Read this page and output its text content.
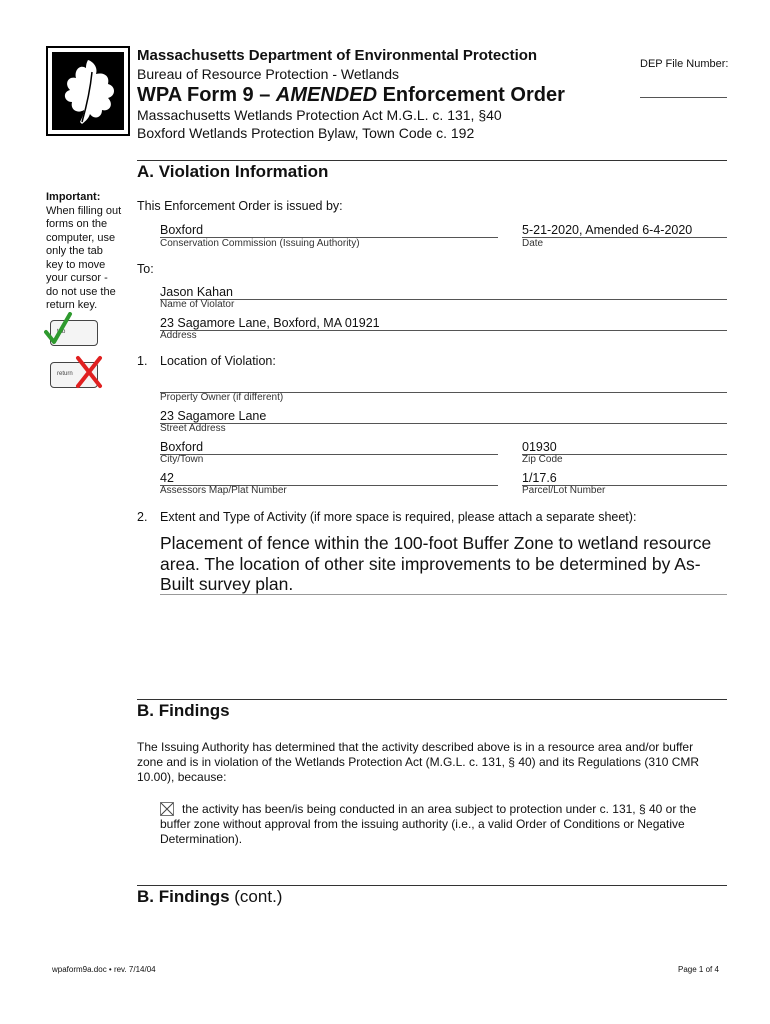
Massachusetts Department of Environmental Protection
Bureau of Resource Protection - Wetlands
WPA Form 9 – AMENDED Enforcement Order
Massachusetts Wetlands Protection Act M.G.L. c. 131, §40
Boxford Wetlands Protection Bylaw, Town Code c. 192
DEP File Number:
A. Violation Information
Important:
When filling out
forms on the
computer, use
only the tab
key to move
your cursor -
do not use the
return key.
tab
return
This Enforcement Order is issued by:
Boxford
Conservation Commission (Issuing Authority)
5-21-2020, Amended 6-4-2020
Date
To:
Jason Kahan
Name of Violator
23 Sagamore Lane, Boxford, MA 01921
Address
1. Location of Violation:
Property Owner (if different)
23 Sagamore Lane
Street Address
Boxford
City/Town
01930
Zip Code
42
Assessors Map/Plat Number
1/17.6
Parcel/Lot Number
2. Extent and Type of Activity (if more space is required, please attach a separate sheet):
Placement of fence within the 100-foot Buffer Zone to wetland resource
area. The location of other site improvements to be determined by As-
Built survey plan.
B. Findings
The Issuing Authority has determined that the activity described above is in a resource area and/or buffer
zone and is in violation of the Wetlands Protection Act (M.G.L. c. 131, § 40) and its Regulations (310 CMR
10.00), because:
the activity has been/is being conducted in an area subject to protection under c. 131, § 40 or the
buffer zone without approval from the issuing authority (i.e., a valid Order of Conditions or Negative
Determination).
B. Findings (cont.)
wpaform9a.doc • rev. 7/14/04	Page 1 of 4
